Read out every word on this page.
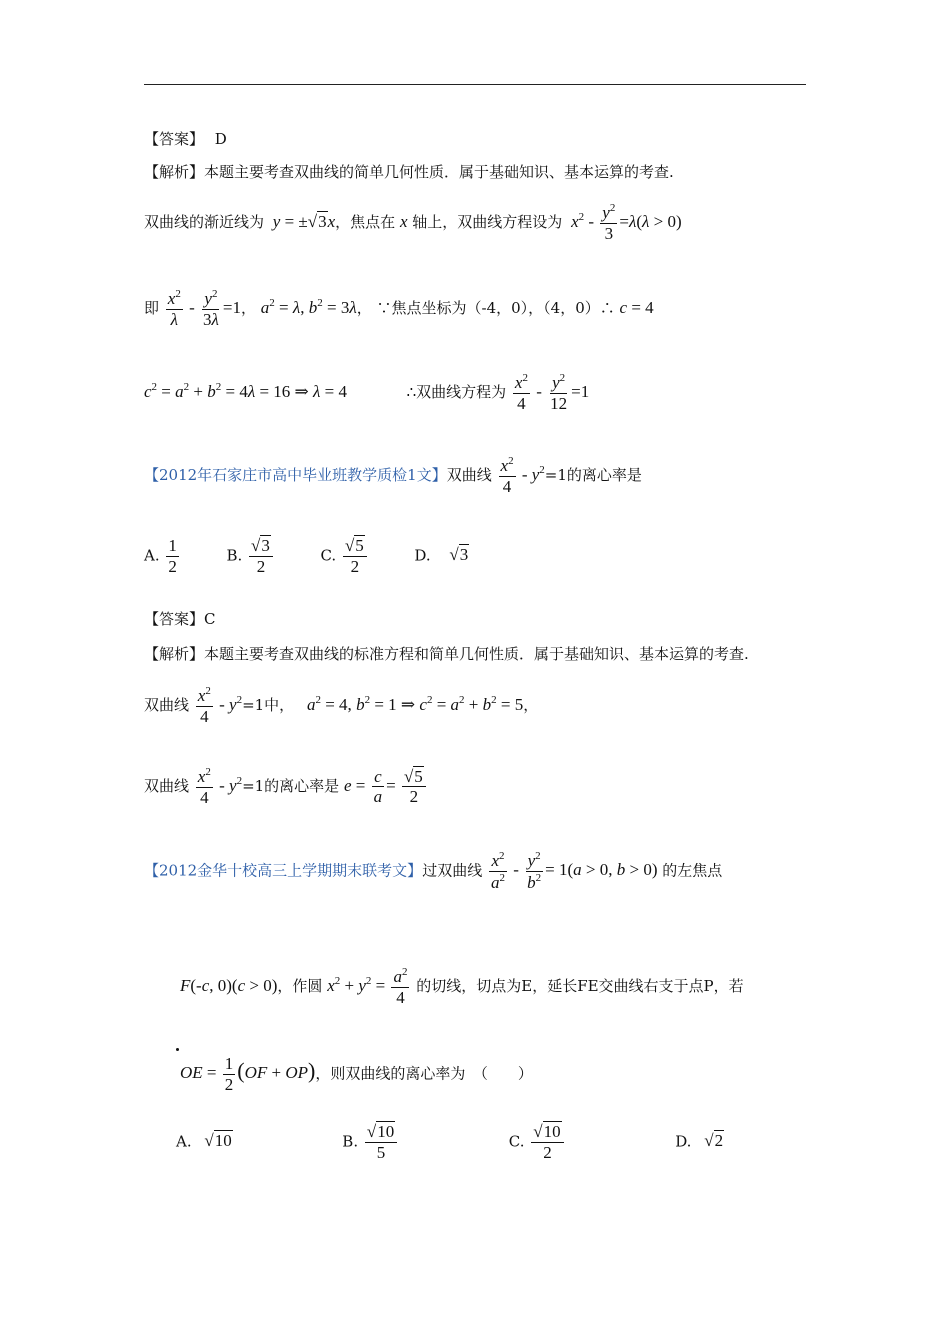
【答案】 D
【解析】本题主要考查双曲线的简单几何性质．属于基础知识、基本运算的考查.
双曲线的渐近线为 y = ±√3x，焦点在 x 轴上，双曲线方程设为 $x^2 - \frac{y^2}{3} =\lambda(\lambda > 0)$
即 $\frac{x^2}{\lambda} - \frac{y^2}{3\lambda} =1$， $a^2 = \lambda$, $b^2 = 3\lambda$， ∵焦点坐标为（-4，0），（4，0）∴ c = 4
$c^2 = a^2 + b^2 = 4\lambda = 16$ ⇒ λ = 4	∴双曲线方程为 $\frac{x^2}{4} - \frac{y^2}{12} =1$
【2012年石家庄市高中毕业班教学质检1文】双曲线 $\frac{x^2}{4} - y^2=1$的离心率是
A. $\frac{1}{2}$	B. $\frac{√3}{2}$	C. $\frac{√5}{2}$	D. √3
【答案】C
【解析】本题主要考查双曲线的标准方程和简单几何性质．属于基础知识、基本运算的考查.
双曲线 $\frac{x^2}{4} - y^2=1$中， $a^2 = 4$, $b^2 = 1$ ⇒ $c^2 = a^2 + b^2 = 5$，
双曲线 $\frac{x^2}{4} - y^2=1$的离心率是 $e = \frac{c}{a} = \frac{√5}{2}$
【2012金华十校高三上学期期末联考文】过双曲线 $\frac{x^2}{a^2} - \frac{y^2}{b^2} = 1(a > 0$, b > 0) 的左焦点
F(-c, 0)(c > 0)，作圆 $x^2 + y^2 = \frac{a^2}{4}$ 的切线，切点为E，延长FE交曲线右支于点P，若
OE = $\frac{1}{2} (OF + OP)$，则双曲线的离心率为　（　　）
A. √10	B. $\frac{√10}{5}$	C. $\frac{√10}{2}$	D. √2
